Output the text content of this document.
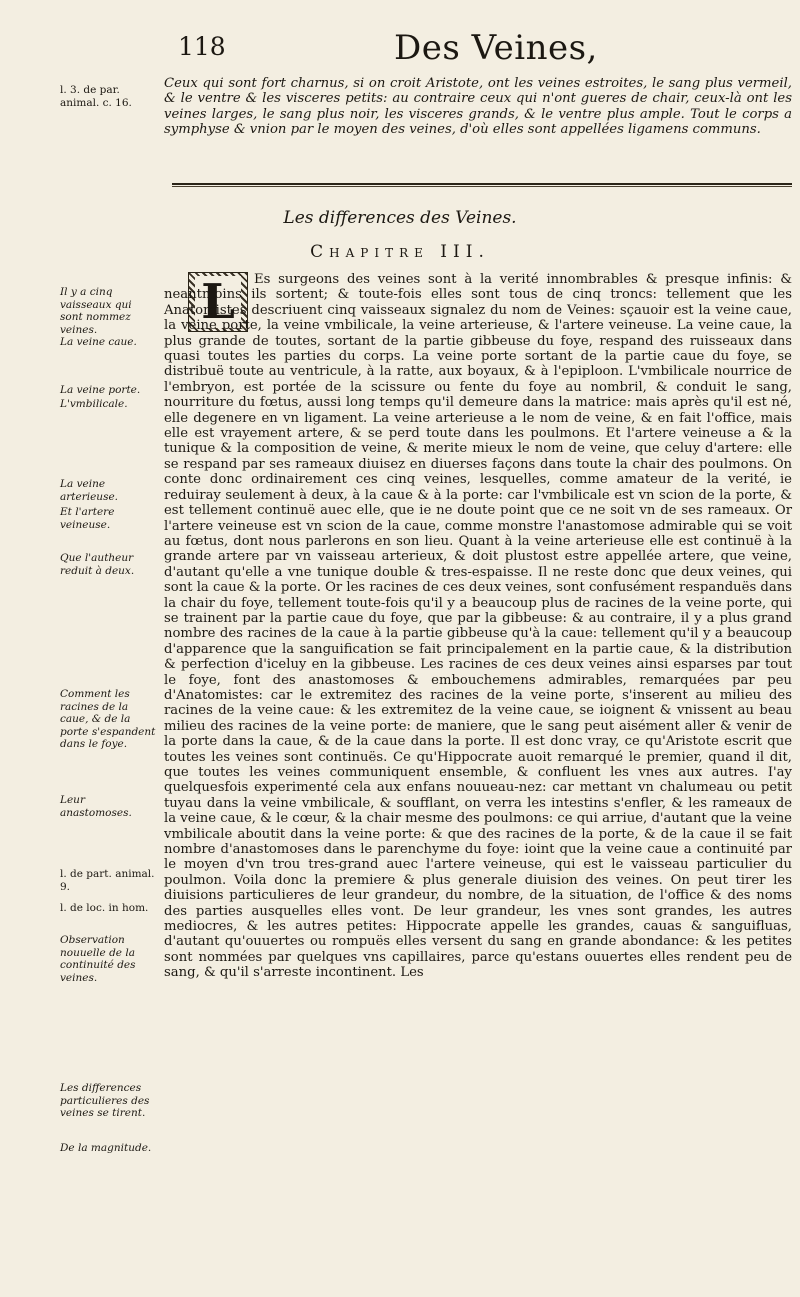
118	Des Veines,
l. 3. de par. animal. c. 16.
Ceux qui sont fort charnus, si on croit Aristote, ont les veines estroites, le sang plus vermeil, & le ventre & les visceres petits: au contraire ceux qui n'ont gueres de chair, ceux-là ont les veines larges, le sang plus noir, les visceres grands, & le ventre plus ample. Tout le corps a symphyse & vnion par le moyen des veines, d'où elles sont appellées ligamens communs.
Les differences des Veines.
Chapitre III.
L
Il y a cinq vaisseaux qui sont nommez veines.
La veine caue.
La veine porte.
L'vmbilicale.
La veine arterieuse.
Et l'artere veineuse.
Que l'autheur reduit à deux.
Comment les racines de la caue, & de la porte s'espandent dans le foye.
Leur anastomoses.
l. de part. animal. 9.
l. de loc. in hom.
Observation nouuelle de la continuité des veines.
Les differences particulieres des veines se tirent.
De la magnitude.
Es surgeons des veines sont à la verité innombrables & presque infinis: & neantmoins ils sortent; & toute-fois elles sont tous de cinq troncs: tellement que les Anatomistes descriuent cinq vaisseaux signalez du nom de Veines: sçauoir est la veine caue, la veine porte, la veine vmbilicale, la veine arterieuse, & l'artere veineuse. La veine caue, la plus grande de toutes, sortant de la partie gibbeuse du foye, respand des ruisseaux dans quasi toutes les parties du corps. La veine porte sortant de la partie caue du foye, se distribuë toute au ventricule, à la ratte, aux boyaux, & à l'epiploon. L'vmbilicale nourrice de l'embryon, est portée de la scissure ou fente du foye au nombril, & conduit le sang, nourriture du fœtus, aussi long temps qu'il demeure dans la matrice: mais après qu'il est né, elle degenere en vn ligament. La veine arterieuse a le nom de veine, & en fait l'office, mais elle est vrayement artere, & se perd toute dans les poulmons. Et l'artere veineuse a & la tunique & la composition de veine, & merite mieux le nom de veine, que celuy d'artere: elle se respand par ses rameaux diuisez en diuerses façons dans toute la chair des poulmons. On conte donc ordinairement ces cinq veines, lesquelles, comme amateur de la verité, ie reduiray seulement à deux, à la caue & à la porte: car l'vmbilicale est vn scion de la porte, & est tellement continuë auec elle, que ie ne doute point que ce ne soit vn de ses rameaux. Or l'artere veineuse est vn scion de la caue, comme monstre l'anastomose admirable qui se voit au fœtus, dont nous parlerons en son lieu. Quant à la veine arterieuse elle est continuë à la grande artere par vn vaisseau arterieux, & doit plustost estre appellée artere, que veine, d'autant qu'elle a vne tunique double & tres-espaisse. Il ne reste donc que deux veines, qui sont la caue & la porte. Or les racines de ces deux veines, sont confusément respanduës dans la chair du foye, tellement toute-fois qu'il y a beaucoup plus de racines de la veine porte, qui se trainent par la partie caue du foye, que par la gibbeuse: & au contraire, il y a plus grand nombre des racines de la caue à la partie gibbeuse qu'à la caue: tellement qu'il y a beaucoup d'apparence que la sanguification se fait principalement en la partie caue, & la distribution & perfection d'iceluy en la gibbeuse. Les racines de ces deux veines ainsi esparses par tout le foye, font des anastomoses & embouchemens admirables, remarquées par peu d'Anatomistes: car le extremitez des racines de la veine porte, s'inserent au milieu des racines de la veine caue: & les extremitez de la veine caue, se ioignent & vnissent au beau milieu des racines de la veine porte: de maniere, que le sang peut aisément aller & venir de la porte dans la caue, & de la caue dans la porte. Il est donc vray, ce qu'Aristote escrit que toutes les veines sont continuës. Ce qu'Hippocrate auoit remarqué le premier, quand il dit, que toutes les veines communiquent ensemble, & confluent les vnes aux autres. I'ay quelquesfois experimenté cela aux enfans nouueau-nez: car mettant vn chalumeau ou petit tuyau dans la veine vmbilicale, & soufflant, on verra les intestins s'enfler, & les rameaux de la veine caue, & le cœur, & la chair mesme des poulmons: ce qui arriue, d'autant que la veine vmbilicale aboutit dans la veine porte: & que des racines de la porte, & de la caue il se fait nombre d'anastomoses dans le parenchyme du foye: ioint que la veine caue a continuité par le moyen d'vn trou tres-grand auec l'artere veineuse, qui est le vaisseau particulier du poulmon. Voila donc la premiere & plus generale diuision des veines. On peut tirer les diuisions particulieres de leur grandeur, du nombre, de la situation, de l'office & des noms des parties ausquelles elles vont. De leur grandeur, les vnes sont grandes, les autres mediocres, & les autres petites: Hippocrate appelle les grandes, cauas & sanguifluas, d'autant qu'ouuertes ou rompuës elles versent du sang en grande abondance: & les petites sont nommées par quelques vns capillaires, parce qu'estans ouuertes elles rendent peu de sang, & qu'il s'arreste incontinent. Les
